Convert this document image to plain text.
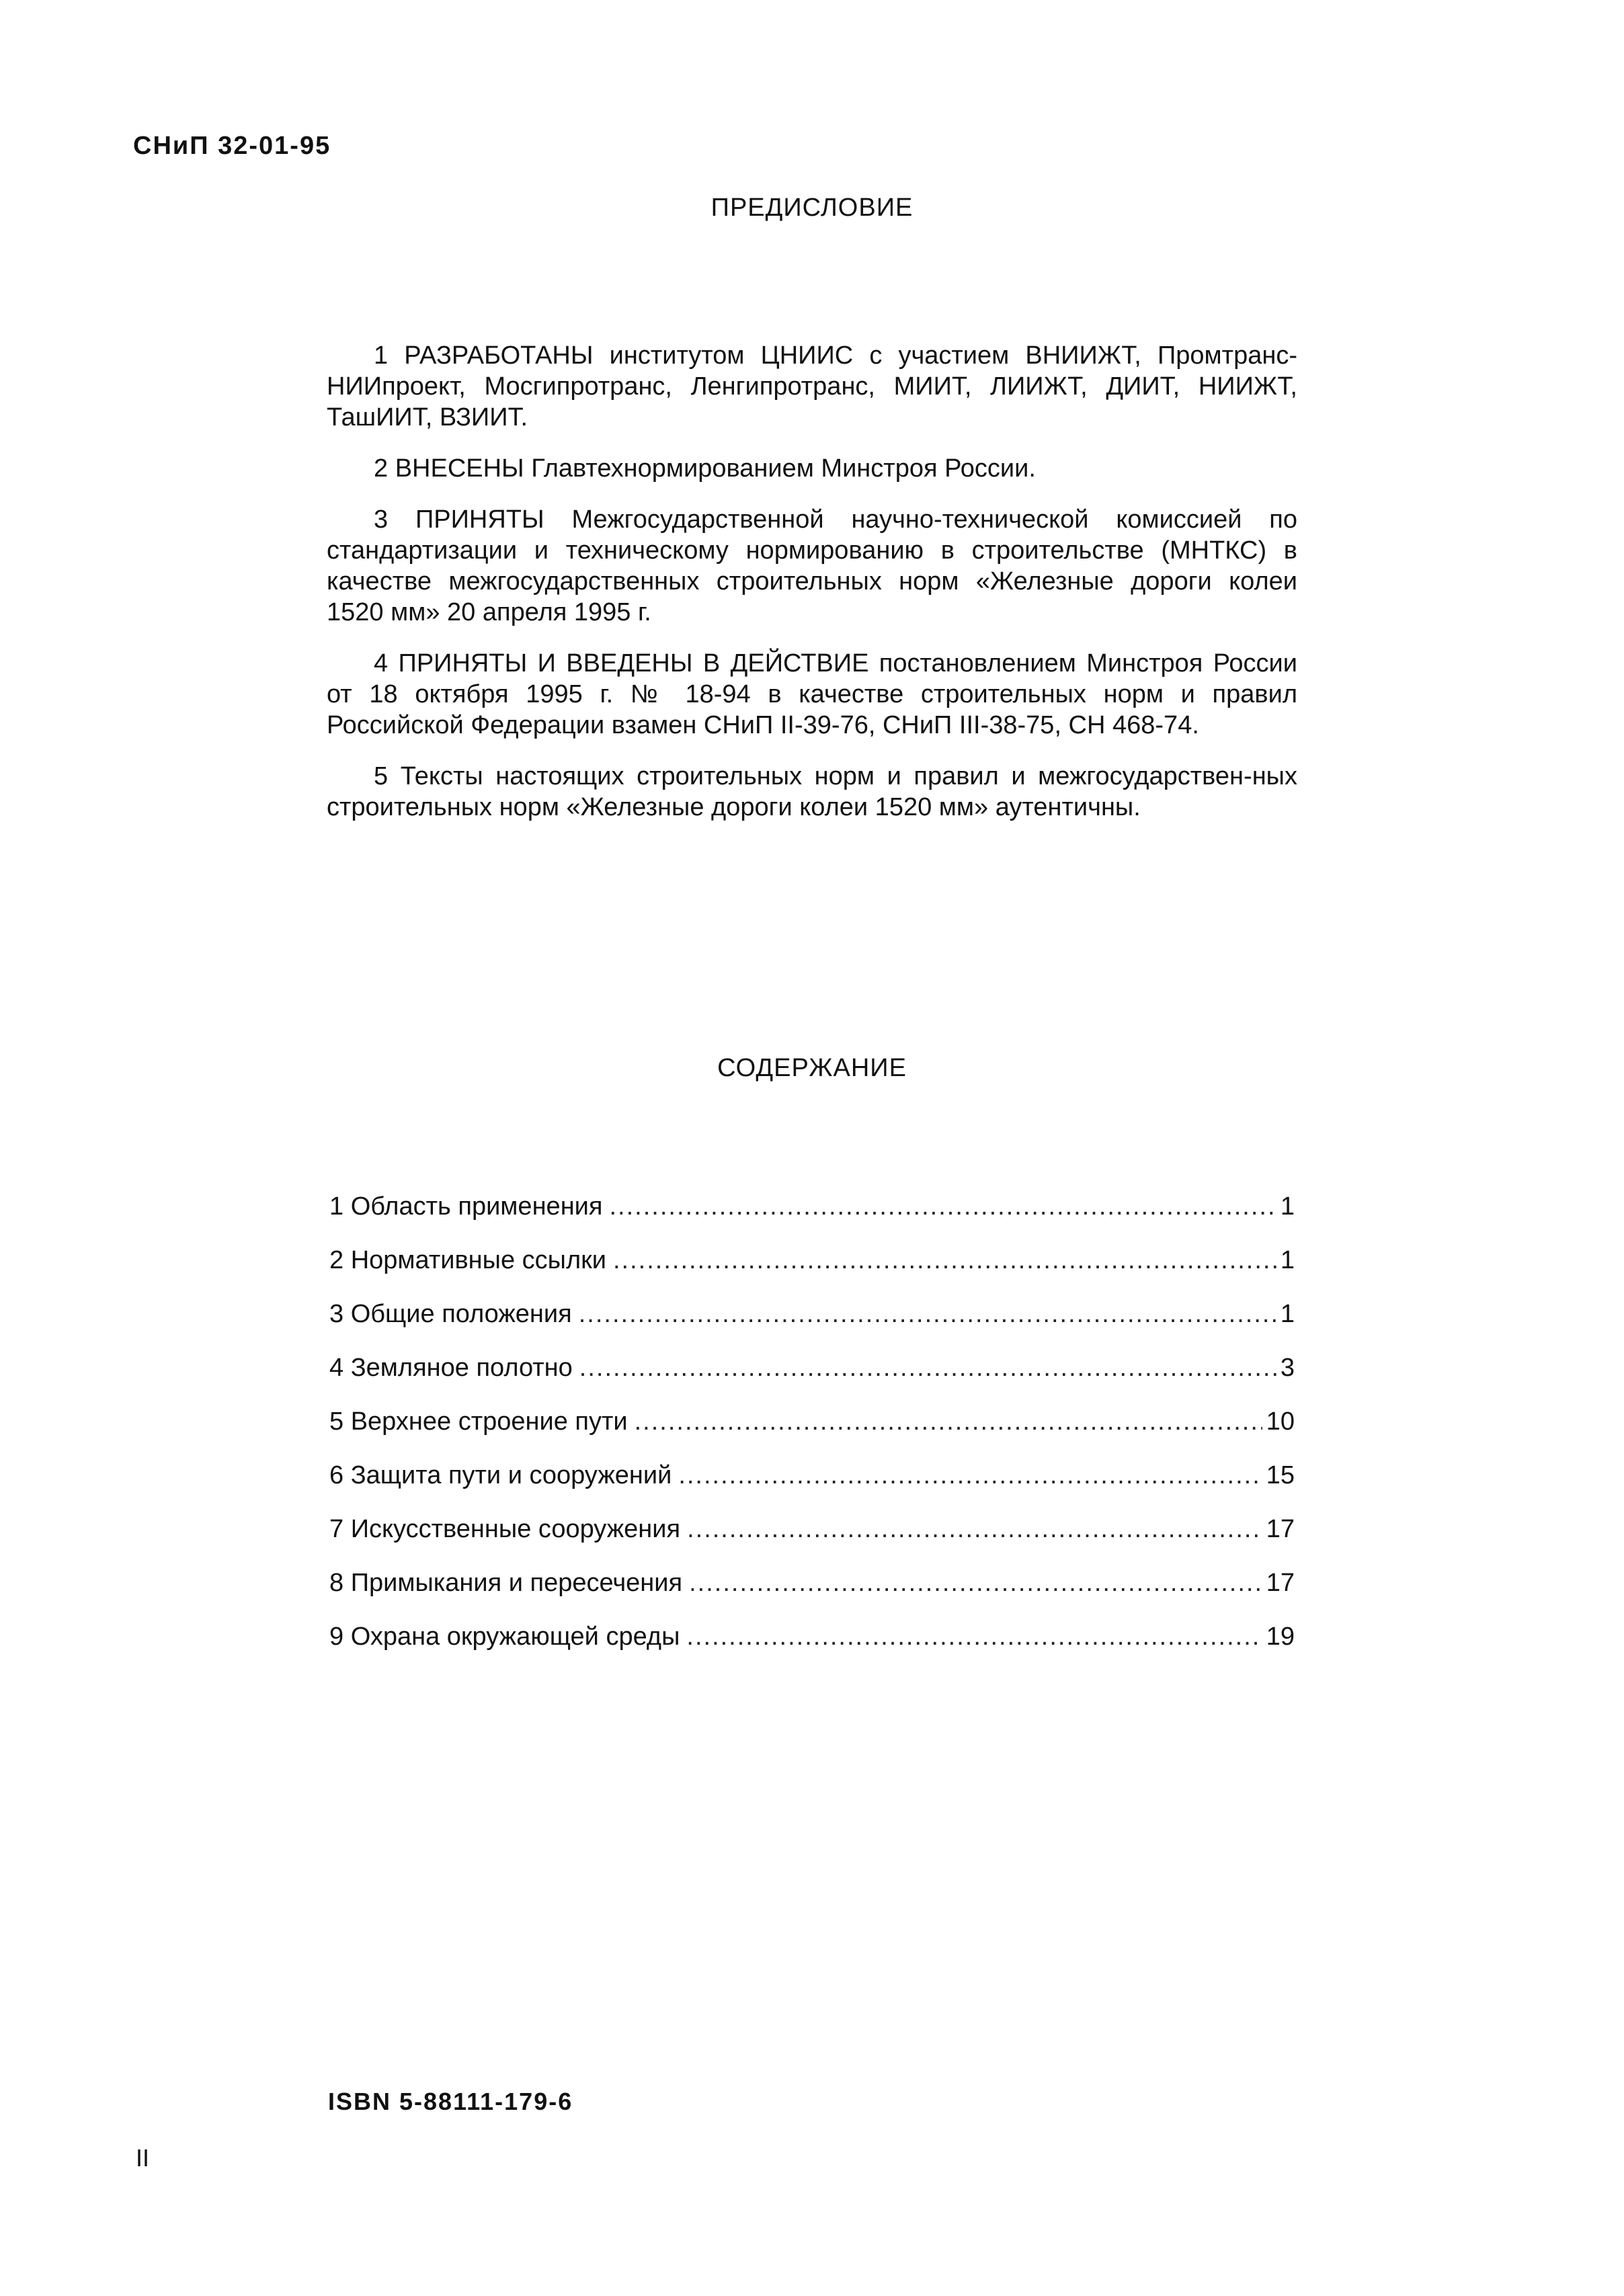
СНиП 32-01-95
ПРЕДИСЛОВИЕ

1 РАЗРАБОТАНЫ институтом ЦНИИС с участием ВНИИЖТ, Промтранс-НИИпроект, Мосгипротранс, Ленгипротранс, МИИТ, ЛИИЖТ, ДИИТ, НИИЖТ, ТашИИТ, ВЗИИТ.

2 ВНЕСЕНЫ Главтехнормированием Минстроя России.

3 ПРИНЯТЫ Межгосударственной научно-технической комиссией по стандартизации и техническому нормированию в строительстве (МНТКС) в качестве межгосударственных строительных норм «Железные дороги колеи 1520 мм» 20 апреля 1995 г.

4 ПРИНЯТЫ И ВВЕДЕНЫ В ДЕЙСТВИЕ постановлением Минстроя России от 18 октября 1995 г. № 18-94 в качестве строительных норм и правил Российской Федерации взамен СНиП II-39-76, СНиП III-38-75, СН 468-74.

5 Тексты настоящих строительных норм и правил и межгосударствен-ных строительных норм «Железные дороги колеи 1520 мм» аутентичны.

СОДЕРЖАНИЕ
1 Область применения .....	1
2 Нормативные ссылки .....	1
3 Общие положения .....	1
4 Земляное полотно .....	3
5 Верхнее строение пути .....	10
6 Защита пути и сооружений .....	15
7 Искусственные сооружения .....	17
8 Примыкания и пересечения .....	17
9 Охрана окружающей среды .....	19
ISBN 5-88111-179-6
II
